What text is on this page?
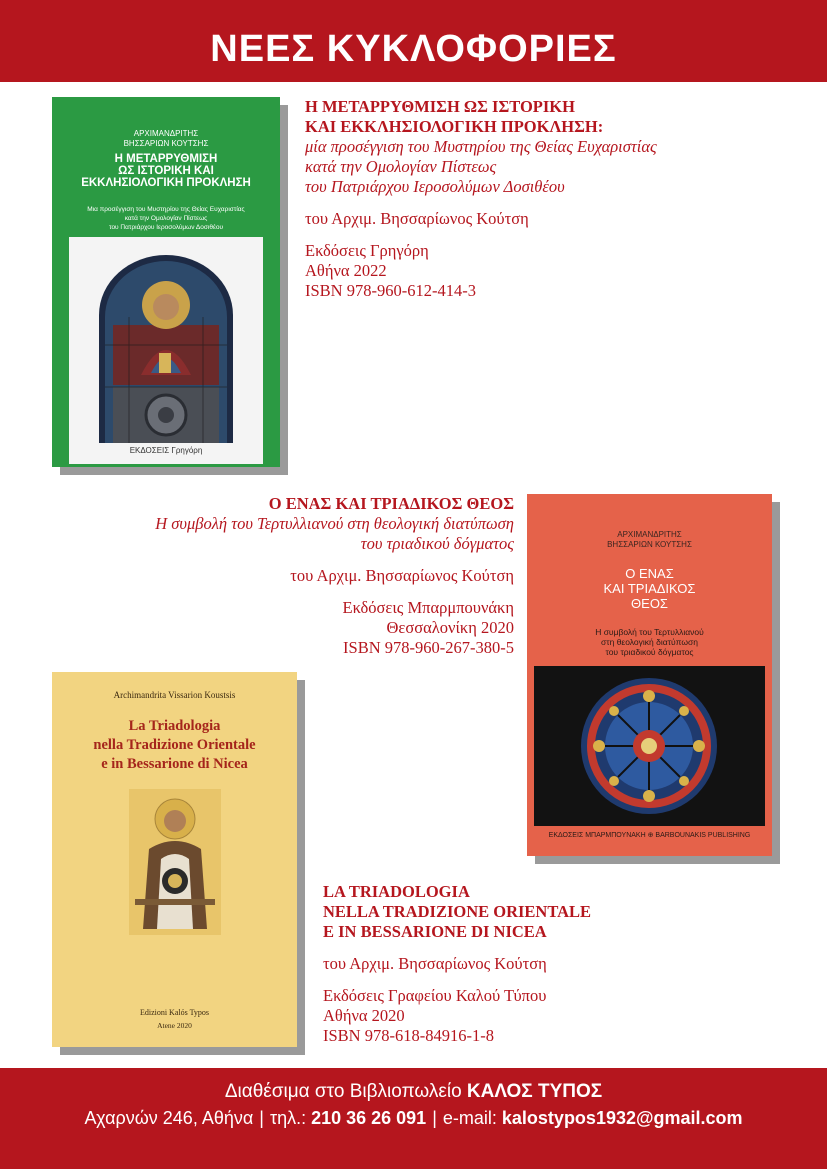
ΝΕΕΣ ΚΥΚΛΟΦΟΡΙΕΣ
ΑΡΧΙΜΑΝΔΡΙΤΗΣ
ΒΗΣΣΑΡΙΩΝ ΚΟΥΤΣΗΣ
Η ΜΕΤΑΡΡΥΘΜΙΣΗ
ΩΣ ΙΣΤΟΡΙΚΗ ΚΑΙ
ΕΚΚΛΗΣΙΟΛΟΓΙΚΗ ΠΡΟΚΛΗΣΗ
Μια προσέγγιση του Μυστηρίου της Θείας Ευχαριστίας
κατά την Ομολογίαν Πίστεως
του Πατριάρχου Ιεροσολύμων Δοσιθέου
ΕΚΔΟΣΕΙΣ Γρηγόρη
Η ΜΕΤΑΡΡΥΘΜΙΣΗ ΩΣ ΙΣΤΟΡΙΚΗ
ΚΑΙ ΕΚΚΛΗΣΙΟΛΟΓΙΚΗ ΠΡΟΚΛΗΣΗ:
μία προσέγγιση του Μυστηρίου της Θείας Ευχαριστίας
κατά την Ομολογίαν Πίστεως
του Πατριάρχου Ιεροσολύμων Δοσιθέου
του Αρχιμ. Βησσαρίωνος Κούτση
Εκδόσεις Γρηγόρη
Αθήνα 2022
ISBN 978-960-612-414-3
Ο ΕΝΑΣ ΚΑΙ ΤΡΙΑΔΙΚΟΣ ΘΕΟΣ
Η συμβολή του Τερτυλλιανού στη θεολογική διατύπωση
του τριαδικού δόγματος
του Αρχιμ. Βησσαρίωνος Κούτση
Εκδόσεις Μπαρμπουνάκη
Θεσσαλονίκη 2020
ISBN 978-960-267-380-5
ΑΡΧΙΜΑΝΔΡΙΤΗΣ
ΒΗΣΣΑΡΙΩΝ ΚΟΥΤΣΗΣ
Ο ΕΝΑΣ
ΚΑΙ ΤΡΙΑΔΙΚΟΣ
ΘΕΟΣ
Η συμβολή του Τερτυλλιανού
στη θεολογική διατύπωση
του τριαδικού δόγματος
ΕΚΔΟΣΕΙΣ ΜΠΑΡΜΠΟΥΝΑΚΗ ⊕ BARBOUNAKIS PUBLISHING
Archimandrita Vissarion Koustsis
La Triadologia
nella Tradizione Orientale
e in Bessarione di Nicea
Edizioni Kalós Typos
Atene 2020
LA TRIADOLOGIA
NELLA TRADIZIONE ORIENTALE
E IN BESSARIONE DI NICEA
του Αρχιμ. Βησσαρίωνος Κούτση
Εκδόσεις Γραφείου Καλού Τύπου
Αθήνα 2020
ISBN 978-618-84916-1-8
Διαθέσιμα στο Βιβλιοπωλείο ΚΑΛΟΣ ΤΥΠΟΣ
Αχαρνών 246, Αθήνα | τηλ.: 210 36 26 091 | e-mail: kalostypos1932@gmail.com
